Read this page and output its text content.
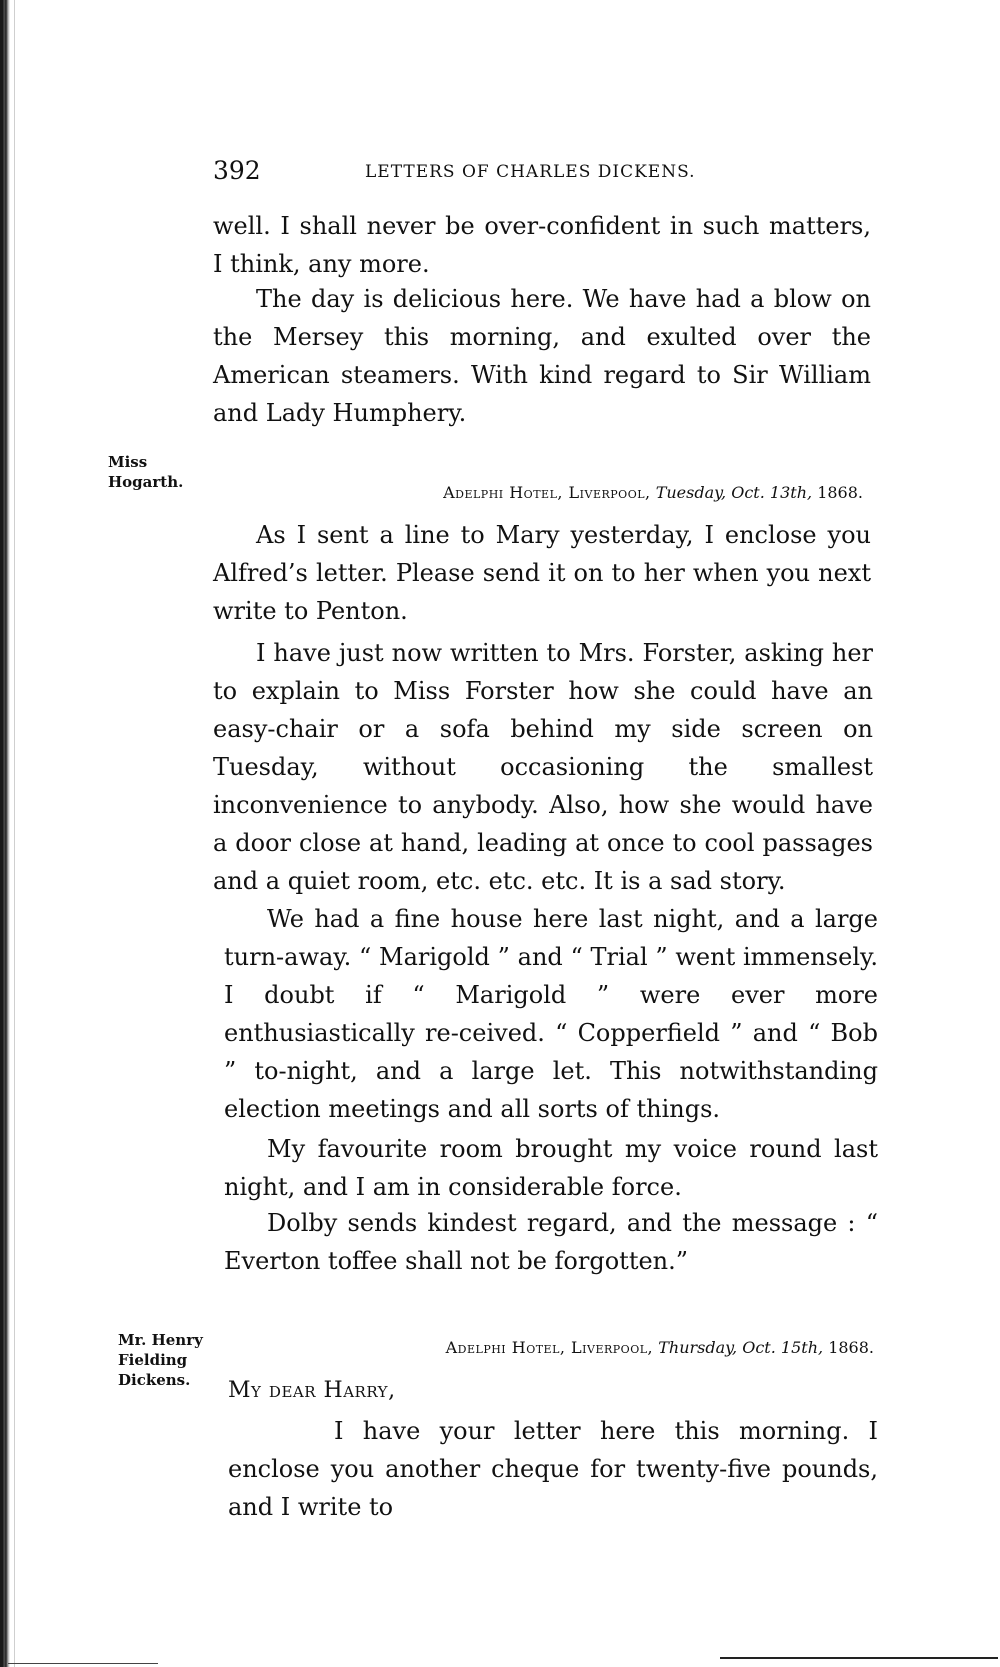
392	LETTERS OF CHARLES DICKENS.

well. I shall never be over-confident in such matters, I think, any more.

The day is delicious here. We have had a blow on the Mersey this morning, and exulted over the American steamers. With kind regard to Sir William and Lady Humphery.

Miss
Hogarth.

Adelphi Hotel, Liverpool, Tuesday, Oct. 13th, 1868.

As I sent a line to Mary yesterday, I enclose you Alfred’s letter. Please send it on to her when you next write to Penton.

I have just now written to Mrs. Forster, asking her to explain to Miss Forster how she could have an easy-chair or a sofa behind my side screen on Tuesday, without occasioning the smallest inconvenience to anybody. Also, how she would have a door close at hand, leading at once to cool passages and a quiet room, etc. etc. etc. It is a sad story.

We had a fine house here last night, and a large turn-away. “ Marigold ” and “ Trial ” went immensely. I doubt if “ Marigold ” were ever more enthusiastically re-ceived. “ Copperfield ” and “ Bob ” to-night, and a large let. This notwithstanding election meetings and all sorts of things.

My favourite room brought my voice round last night, and I am in considerable force.

Dolby sends kindest regard, and the message : “ Everton toffee shall not be forgotten.”

Mr. Henry
Fielding
Dickens.

Adelphi Hotel, Liverpool, Thursday, Oct. 15th, 1868.

My dear Harry,

I have your letter here this morning. I enclose you another cheque for twenty-five pounds, and I write to
